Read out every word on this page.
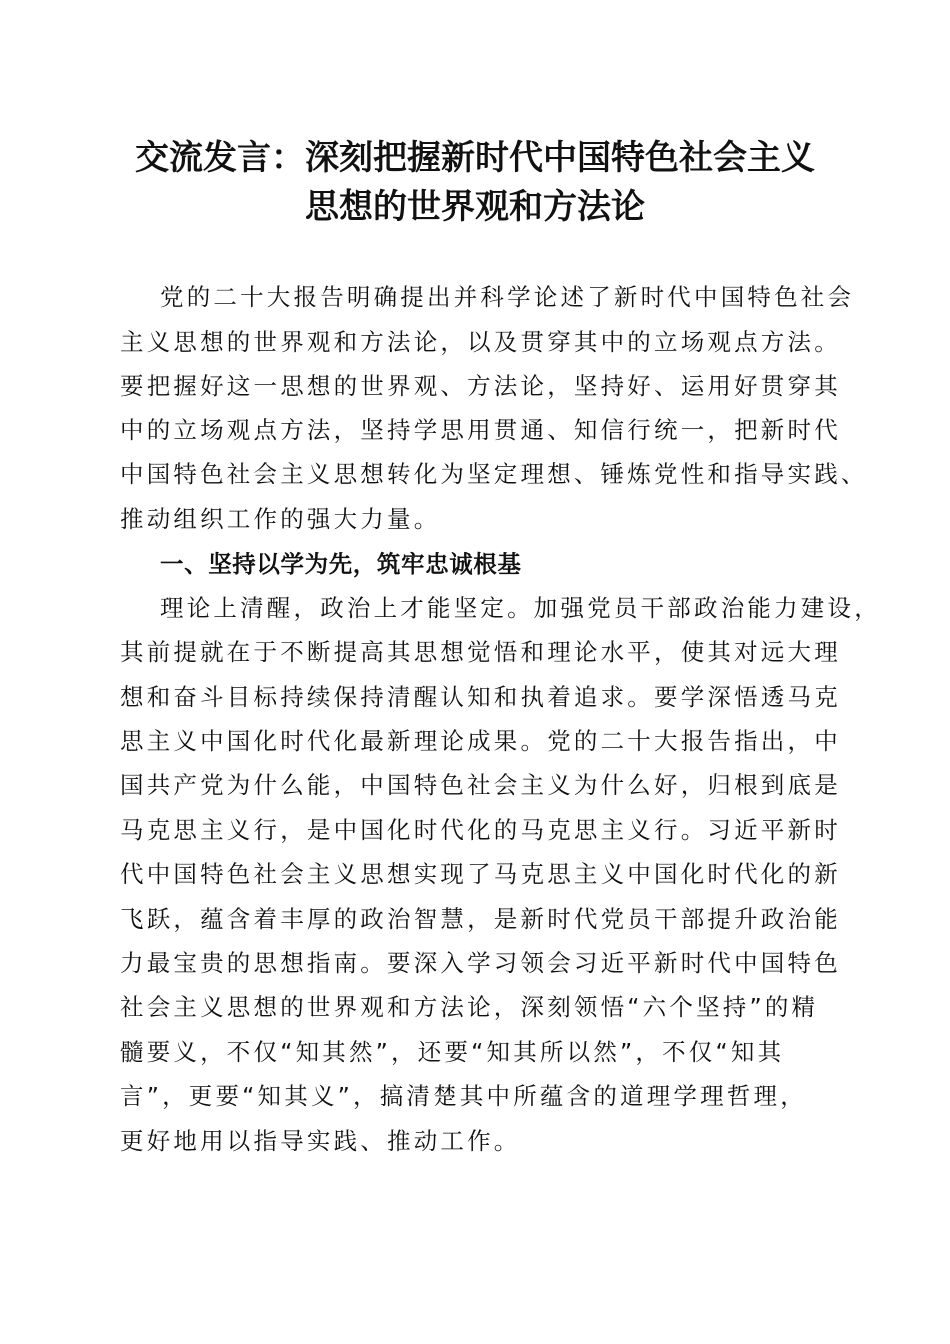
交流发言：深刻把握新时代中国特色社会主义
思想的世界观和方法论
党的二十大报告明确提出并科学论述了新时代中国特色社会
主义思想的世界观和方法论，以及贯穿其中的立场观点方法。
要把握好这一思想的世界观、方法论，坚持好、运用好贯穿其
中的立场观点方法，坚持学思用贯通、知信行统一，把新时代
中国特色社会主义思想转化为坚定理想、锤炼党性和指导实践、
推动组织工作的强大力量。
一、坚持以学为先，筑牢忠诚根基
理论上清醒，政治上才能坚定。加强党员干部政治能力建设，
其前提就在于不断提高其思想觉悟和理论水平，使其对远大理
想和奋斗目标持续保持清醒认知和执着追求。要学深悟透马克
思主义中国化时代化最新理论成果。党的二十大报告指出，中
国共产党为什么能，中国特色社会主义为什么好，归根到底是
马克思主义行，是中国化时代化的马克思主义行。习近平新时
代中国特色社会主义思想实现了马克思主义中国化时代化的新
飞跃，蕴含着丰厚的政治智慧，是新时代党员干部提升政治能
力最宝贵的思想指南。要深入学习领会习近平新时代中国特色
社会主义思想的世界观和方法论，深刻领悟“六个坚持”的精
髓要义，不仅“知其然”，还要“知其所以然”，不仅“知其
言”，更要“知其义”，搞清楚其中所蕴含的道理学理哲理，
更好地用以指导实践、推动工作。
